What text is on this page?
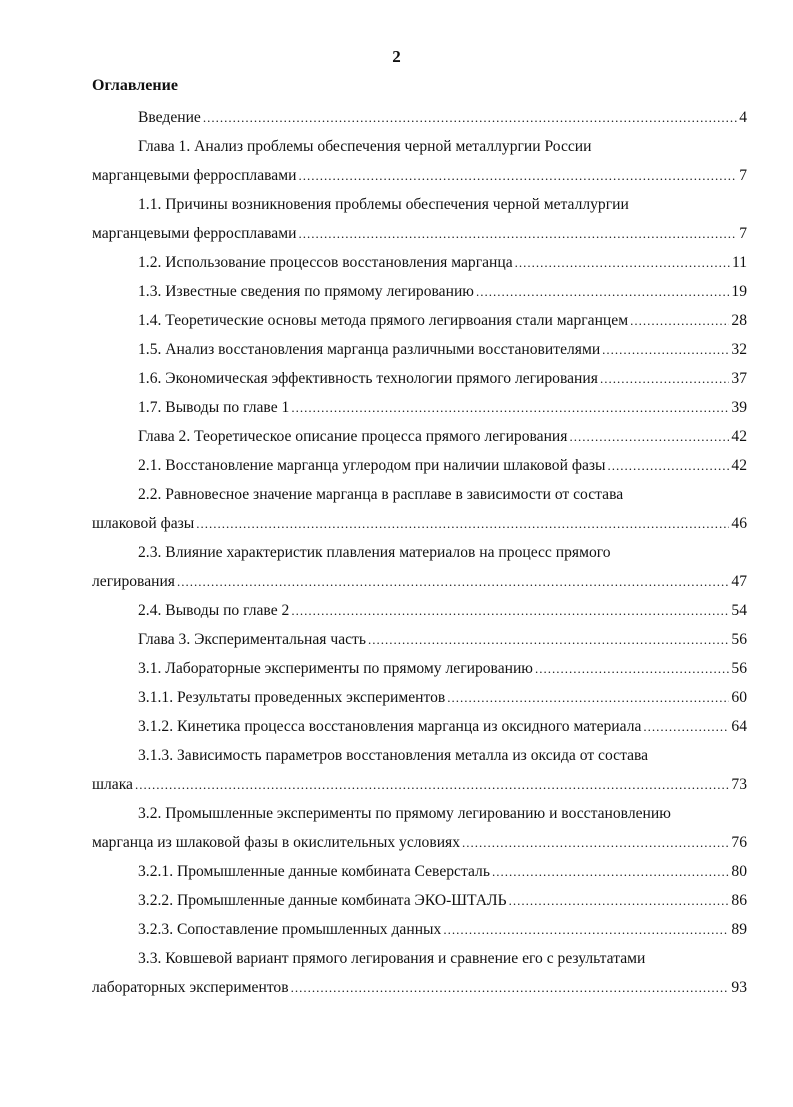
2
Оглавление
Введение .....	4
Глава 1. Анализ проблемы обеспечения черной металлургии России
марганцевыми ферросплавами .....	7
1.1. Причины возникновения проблемы обеспечения черной металлургии
марганцевыми ферросплавами .....	7
1.2. Использование процессов восстановления марганца .....	11
1.3. Известные сведения по прямому легированию .....	19
1.4. Теоретические основы метода прямого легирвоания стали марганцем .....	28
1.5. Анализ восстановления марганца различными восстановителями .....	32
1.6. Экономическая эффективность технологии прямого легирования .....	37
1.7. Выводы по главе 1 .....	39
Глава 2. Теоретическое описание процесса прямого легирования .....	42
2.1. Восстановление марганца углеродом при наличии шлаковой фазы .....	42
2.2. Равновесное значение марганца в расплаве в зависимости от состава
шлаковой фазы .....	46
2.3. Влияние характеристик плавления материалов на процесс прямого
легирования .....	47
2.4. Выводы по главе 2 .....	54
Глава 3. Экспериментальная часть .....	56
3.1. Лабораторные эксперименты по прямому легированию .....	56
3.1.1. Результаты проведенных экспериментов .....	60
3.1.2. Кинетика процесса восстановления марганца из оксидного материала .....	64
3.1.3. Зависимость параметров восстановления металла из оксида от состава
шлака .....	73
3.2. Промышленные эксперименты по прямому легированию и восстановлению
марганца из шлаковой фазы в окислительных условиях .....	76
3.2.1. Промышленные данные комбината Северсталь .....	80
3.2.2. Промышленные данные комбината ЭКО-ШТАЛЬ .....	86
3.2.3. Сопоставление промышленных данных .....	89
3.3. Ковшевой вариант прямого легирования и сравнение его с результатами
лабораторных экспериментов .....	93
